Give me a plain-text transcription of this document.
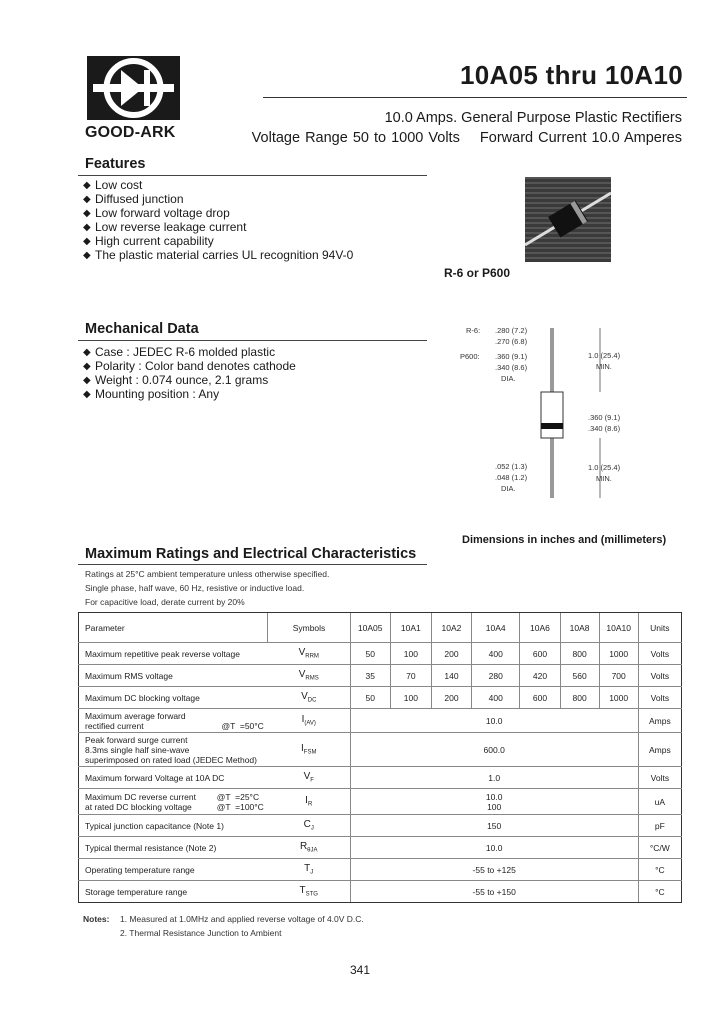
GOOD-ARK
10A05 thru 10A10
10.0 Amps. General Purpose Plastic Rectifiers
Voltage Range 50 to 1000 Volts    Forward Current 10.0 Amperes
Features
◆ Low cost
◆ Diffused junction
◆ Low forward voltage drop
◆ Low reverse leakage current
◆ High current capability
◆ The plastic material carries UL recognition 94V-0
R-6 or P600
Mechanical Data
◆ Case : JEDEC R-6 molded plastic
◆ Polarity : Color band denotes cathode
◆ Weight : 0.074 ounce, 2.1 grams
◆ Mounting position : Any
R-6: .280 (7.2)
.270 (6.8)
P600: .360 (9.1)
.340 (8.6)
DIA.
1.0 (25.4)
MIN.
.360 (9.1)
.340 (8.6)
.052 (1.3)
.048 (1.2)
DIA.
1.0 (25.4)
MIN.
Dimensions in inches and (millimeters)
Maximum Ratings and Electrical Characteristics
Ratings at 25°C ambient temperature unless otherwise specified.
Single phase, half wave, 60 Hz, resistive or inductive load.
For capacitive load, derate current by 20%
Parameter	Symbols	10A05	10A1	10A2	10A4	10A6	10A8	10A10	Units

Maximum repetitive peak reverse voltage	$V_{RRM}$	50	100	200	400	600	800	1000	Volts

Maximum RMS voltage	$V_{RMS}$	35	70	140	280	420	560	700	Volts

Maximum DC blocking voltage	$V_{DC}$	50	100	200	400	600	800	1000	Volts

Maximum average forward
rectified current @T  =50°C	$I_{(AV)}$	10.0							Amps

Peak forward surge current
8.3ms single half sine-wave
superimposed on rated load (JEDEC Method)	$I_{FSM}$	600.0							Amps

Maximum forward Voltage at 10A DC	$V_F$	1.0							Volts

Maximum DC reverse current
at rated DC blocking voltage
@T  =25°C
@T  =100°C	$I_R$	10.0
100							uA

Typical junction capacitance (Note 1)	$C_J$	150							pF

Typical thermal resistance (Note 2)	$R_{\theta JA}$	10.0							°C/W

Operating temperature range	$T_J$	-55 to +125							°C

Storage temperature range	$T_{STG}$	-55 to +150							°C
Notes: 1. Measured at 1.0MHz and applied reverse voltage of 4.0V D.C.
2. Thermal Resistance Junction to Ambient
341
